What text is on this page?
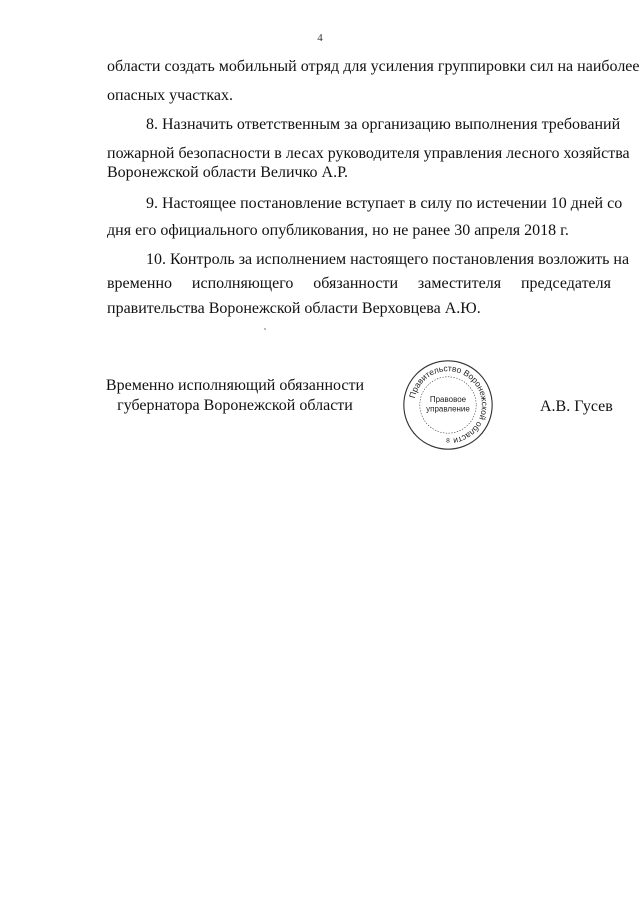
4
области создать мобильный отряд для усиления группировки сил на наиболее
опасных участках.
8. Назначить ответственным за организацию выполнения требований
пожарной безопасности в лесах руководителя управления лесного хозяйства
Воронежской области Величко А.Р.
9. Настоящее постановление вступает в силу по истечении 10 дней со
дня его официального опубликования, но не ранее 30 апреля 2018 г.
10. Контроль за исполнением настоящего постановления возложить на
временно исполняющего обязанности заместителя председателя
правительства Воронежской области Верховцева А.Ю.
Временно исполняющий обязанности
губернатора Воронежской области
Правительство Воронежской области
Правовое
управление
8
А.В. Гусев
